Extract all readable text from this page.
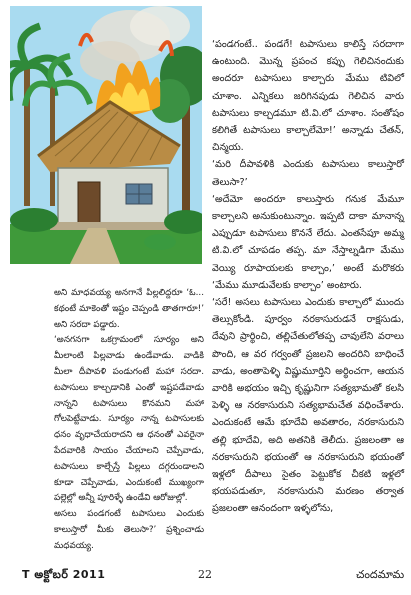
‘పండగంటే.. పండగే! టపాసులు కాలిస్తే సరదాగా ఉంటుంది. మొన్న ప్రపంచ కప్పు గెలిచినందుకు అందరూ టపాసులు కాల్చారు మేము టివిలో చూశాం. ఎన్నికలు జరిగినపుడు గెలిచిన వారు టపాసులు కాల్చడమూ టి.వి.లో చూశాం. సంతోషం కలిగితే టపాసులు కాల్చాలేమో!’ అన్నాడు చేతన్, చిన్మయ.

‘మరి దీపావళికి ఎందుకు టపాసులు కాలుస్తారో తెలుసా?’

‘అదేమో అందరూ కాలుస్తారు గనుక మేమూ కాల్చాలని అనుకుంటున్నాం. ఇప్పటి దాకా మానాన్న ఎప్పుడూ టపాసులు కొననే లేదు. ఎంతసేపూ అమ్మ టి.వి.లో చూపడం తప్ప. మా నేస్తాల్నడిగా మేము వెయ్యి రూపాయలకు కాల్చాం,’ అంటే మరొకరు ‘మేము మూడువేలకు కాల్చాం’ అంటారు.

‘సరే! అసలు టపాసులు ఎందుకు కాల్చాలో ముందు తెల్సుకోండి. పూర్వం నరకాసురుడనే రాక్షసుడు, దేవుని ప్రార్థించి, తల్లిచేతులోతప్ప చావులేని వరాలు పొంది, ఆ వర గర్వంతో ప్రజలని అందరిని బాధించే వాడు, అంతాపెళ్ళి విష్ణుమూర్తిని అర్థించగా, ఆయన వారికి అభయం ఇచ్చి కృష్ణునిగా సత్యభామతో కలసి పెళ్ళి ఆ నరకాసురుని సత్యభామచేత వధించేశారు. ఎందుకంటే ఆమే భూదేవి అవతారం, నరకాసురుని తల్లి భూదేవి, అది అతనికి తెలీదు. ప్రజలంతా ఆ నరకాసురుని భయంతో ఆ నరకాసురుని భయంతో ఇళ్లలో దీపాలు సైతం పెట్టుకోక చీకటి ఇళ్లలో భయపడుతూ, నరకాసురుని మరణం తర్వాత ప్రజలంతా ఆనందంగా ఇళ్ళలోను,

అని మాధవయ్య అనగానే పిల్లలిద్దరూ ‘ఓ... కథంటే మాకెంతో ఇష్టం చెప్పండి తాతగారూ!’ అని సరదా పడ్డారు.

‘అనగనగా ఒకగ్రామంలో సూర్యం అని మీలాంటి పిల్లవాడు ఉండేవాడు. వాడికి మీలా దీపావళి పండుగంటే మహా సరదా. టపాసులు కాల్చడానికి ఎంతో ఇష్టపడేవాడు నాన్నని టపాసులు కొనమని మహా గోలపెట్టేవాడు. సూర్యం నాన్న టపాసులకు ధనం వృధాచేయరాదని ఆ ధనంతో ఎవరైనా పేదవారికి సాయం చేయాలని చెప్పేవాడు, టపాసులు కాల్చేస్తే పిల్లలు దగ్గరుండాలని కూడా చెప్పేవాడు, ఎందుకంటే ముఖ్యంగా పల్లెల్లో అన్నీ పూరిళ్ళే ఉండేవి ఆరోజుల్లో.

అసలు పండగంటే టపాసులు ఎందుకు కాలుస్తారో మీకు తెలుసా?’ ప్రశ్నించాడు మధవయ్య.

T అక్టోబర్ 2011	22	చందమామ
